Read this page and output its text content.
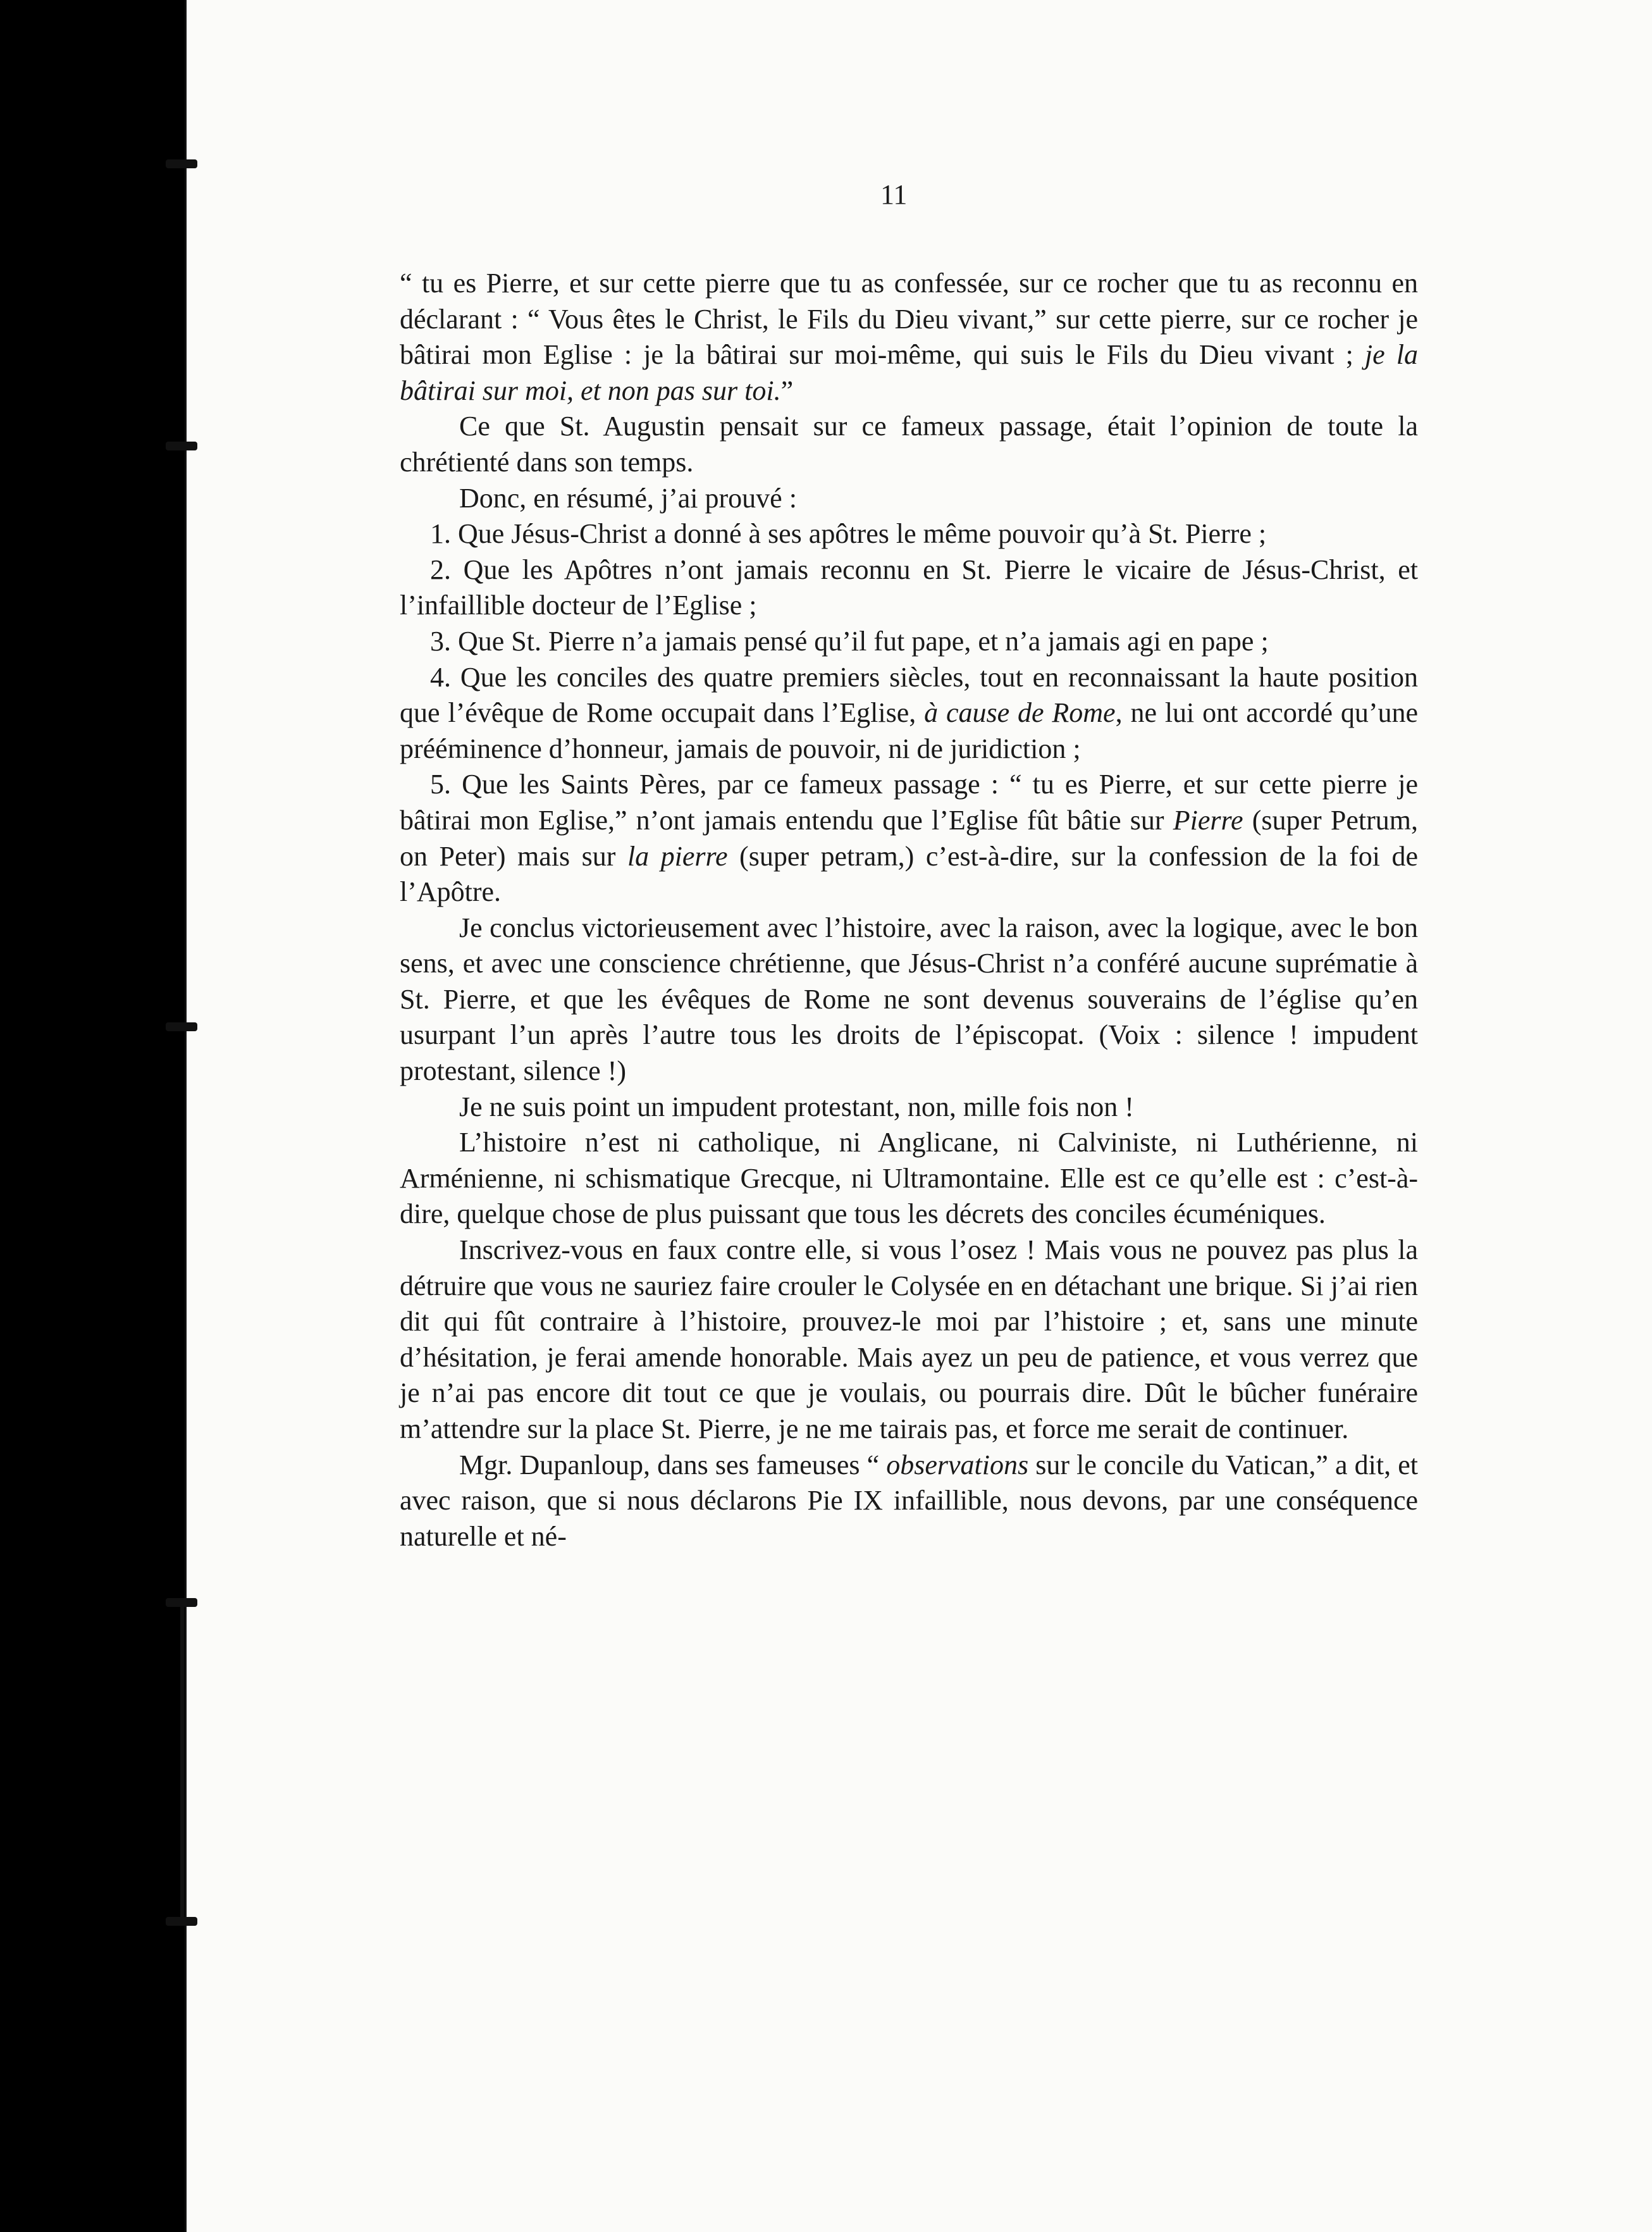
11

“ tu es Pierre, et sur cette pierre que tu as confessée, sur ce rocher que tu as reconnu en déclarant : “ Vous êtes le Christ, le Fils du Dieu vivant,” sur cette pierre, sur ce rocher je bâtirai mon Eglise : je la bâtirai sur moi-même, qui suis le Fils du Dieu vivant ; je la bâtirai sur moi, et non pas sur toi.”

Ce que St. Augustin pensait sur ce fameux passage, était l’opinion de toute la chrétienté dans son temps.

Donc, en résumé, j’ai prouvé :

1. Que Jésus-Christ a donné à ses apôtres le même pouvoir qu’à St. Pierre ;

2. Que les Apôtres n’ont jamais reconnu en St. Pierre le vicaire de Jésus-Christ, et l’infaillible docteur de l’Eglise ;

3. Que St. Pierre n’a jamais pensé qu’il fut pape, et n’a jamais agi en pape ;

4. Que les conciles des quatre premiers siècles, tout en reconnaissant la haute position que l’évêque de Rome occupait dans l’Eglise, à cause de Rome, ne lui ont accordé qu’une prééminence d’honneur, jamais de pouvoir, ni de juridiction ;

5. Que les Saints Pères, par ce fameux passage : “ tu es Pierre, et sur cette pierre je bâtirai mon Eglise,” n’ont jamais entendu que l’Eglise fût bâtie sur Pierre (super Petrum, on Peter) mais sur la pierre (super petram,) c’est-à-dire, sur la confession de la foi de l’Apôtre.

Je conclus victorieusement avec l’histoire, avec la raison, avec la logique, avec le bon sens, et avec une conscience chrétienne, que Jésus-Christ n’a conféré aucune suprématie à St. Pierre, et que les évêques de Rome ne sont devenus souverains de l’église qu’en usurpant l’un après l’autre tous les droits de l’épiscopat. (Voix : silence ! impudent protestant, silence !)

Je ne suis point un impudent protestant, non, mille fois non !

L’histoire n’est ni catholique, ni Anglicane, ni Calviniste, ni Luthérienne, ni Arménienne, ni schismatique Grecque, ni Ultramontaine. Elle est ce qu’elle est : c’est-à-dire, quelque chose de plus puissant que tous les décrets des conciles écuméniques.

Inscrivez-vous en faux contre elle, si vous l’osez ! Mais vous ne pouvez pas plus la détruire que vous ne sauriez faire crouler le Colysée en en détachant une brique. Si j’ai rien dit qui fût contraire à l’histoire, prouvez-le moi par l’histoire ; et, sans une minute d’hésitation, je ferai amende honorable. Mais ayez un peu de patience, et vous verrez que je n’ai pas encore dit tout ce que je voulais, ou pourrais dire. Dût le bûcher funéraire m’attendre sur la place St. Pierre, je ne me tairais pas, et force me serait de continuer.

Mgr. Dupanloup, dans ses fameuses “ observations sur le concile du Vatican,” a dit, et avec raison, que si nous déclarons Pie IX infaillible, nous devons, par une conséquence naturelle et né-
